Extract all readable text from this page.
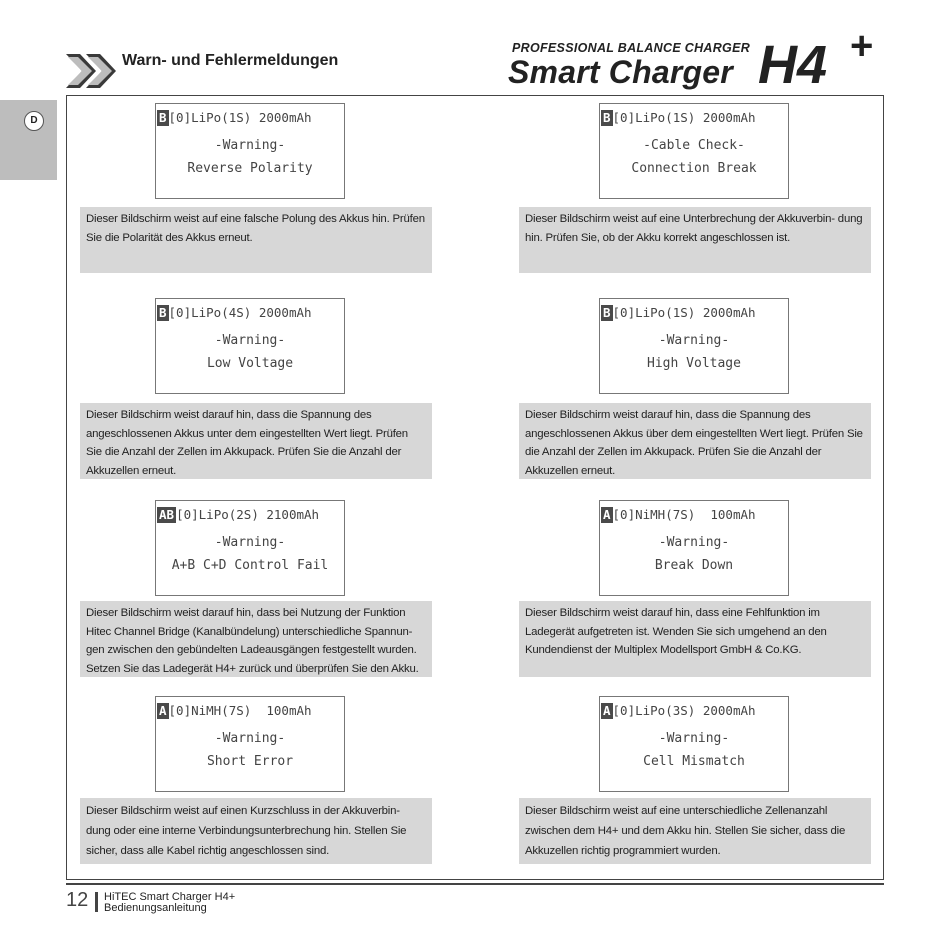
Warn- und Fehlermeldungen
PROFESSIONAL BALANCE CHARGER
Smart Charger H4 +
D	B [0]LiPo(1S) 2000mAh
-Warning-
Reverse Polarity
Dieser Bildschirm weist auf eine falsche Polung des Akkus hin. Prüfen Sie die Polarität des Akkus erneut.
B [0]LiPo(1S) 2000mAh
-Cable Check-
Connection Break
Dieser Bildschirm weist auf eine Unterbrechung der Akkuverbin- dung hin. Prüfen Sie, ob der Akku korrekt angeschlossen ist.
B [0]LiPo(4S) 2000mAh
-Warning-
Low Voltage
Dieser Bildschirm weist darauf hin, dass die Spannung des angeschlossenen Akkus unter dem eingestellten Wert liegt. Prüfen Sie die Anzahl der Zellen im Akkupack. Prüfen Sie die Anzahl der Akkuzellen erneut.
B [0]LiPo(1S) 2000mAh
-Warning-
High Voltage
Dieser Bildschirm weist darauf hin, dass die Spannung des angeschlossenen Akkus über dem eingestellten Wert liegt. Prüfen Sie die Anzahl der Zellen im Akkupack. Prüfen Sie die Anzahl der Akkuzellen erneut.
AB [0]LiPo(2S) 2100mAh
-Warning-
A+B C+D Control Fail
Dieser Bildschirm weist darauf hin, dass bei Nutzung der Funktion Hitec Channel Bridge (Kanalbündelung) unterschiedliche Spannun- gen zwischen den gebündelten Ladeausgängen festgestellt wurden. Setzen Sie das Ladegerät H4+ zurück und überprüfen Sie den Akku.
A [0]NiMH(7S)  100mAh
-Warning-
Break Down
Dieser Bildschirm weist darauf hin, dass eine Fehlfunktion im Ladegerät aufgetreten ist. Wenden Sie sich umgehend an den Kundendienst der Multiplex Modellsport GmbH & Co.KG.
A [0]NiMH(7S)  100mAh
-Warning-
Short Error
Dieser Bildschirm weist auf einen Kurzschluss in der Akkuverbin- dung oder eine interne Verbindungsunterbrechung hin. Stellen Sie sicher, dass alle Kabel richtig angeschlossen sind.
A [0]LiPo(3S) 2000mAh
-Warning-
Cell Mismatch
Dieser Bildschirm weist auf eine unterschiedliche Zellenanzahl zwischen dem H4+ und dem Akku hin. Stellen Sie sicher, dass die Akkuzellen richtig programmiert wurden.
12 HiTEC Smart Charger H4+
Bedienungsanleitung
